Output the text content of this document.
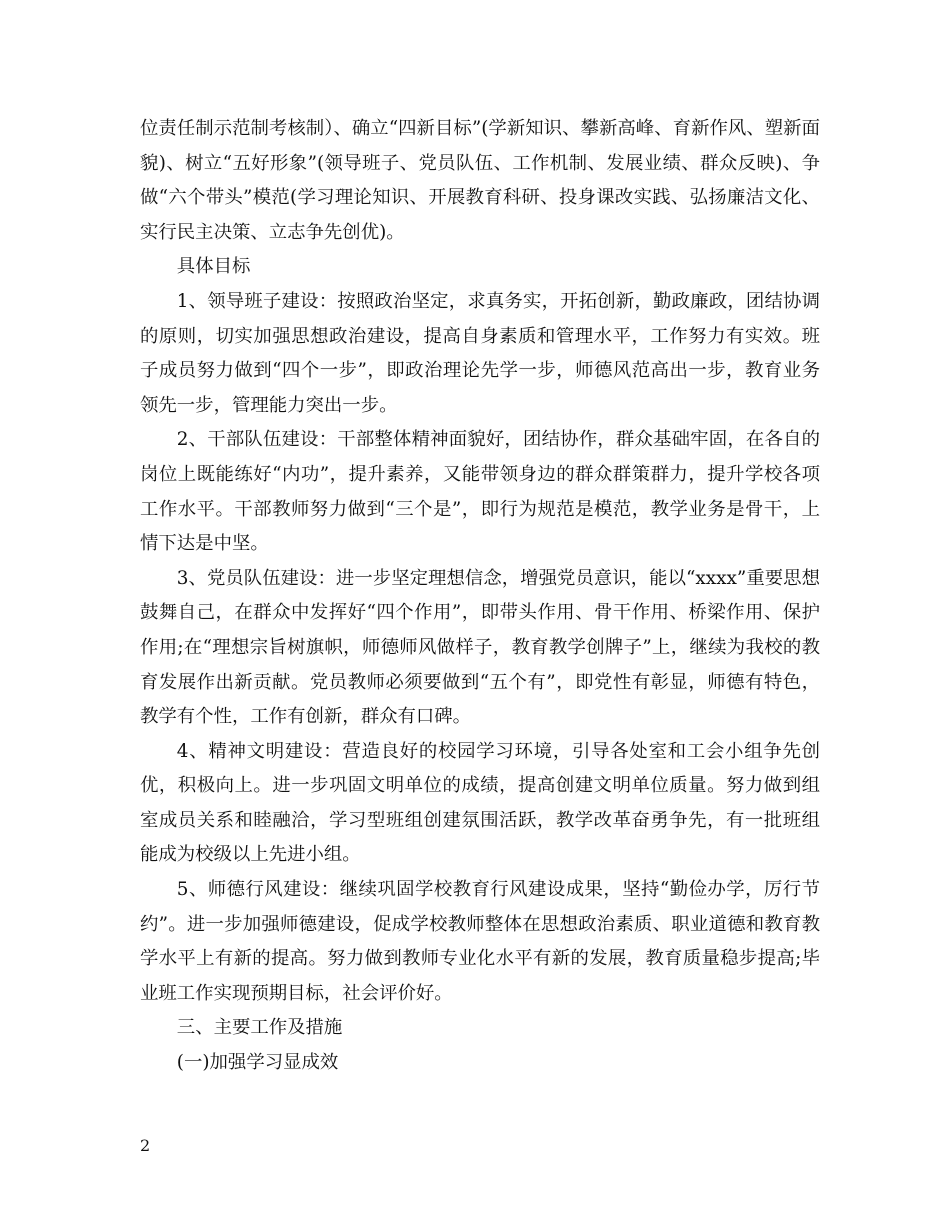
位责任制示范制考核制）、确立“四新目标”(学新知识、攀新高峰、育新作风、塑新面貌)、树立“五好形象”(领导班子、党员队伍、工作机制、发展业绩、群众反映)、争做“六个带头”模范(学习理论知识、开展教育科研、投身课改实践、弘扬廉洁文化、实行民主决策、立志争先创优)。

具体目标

1、领导班子建设：按照政治坚定，求真务实，开拓创新，勤政廉政，团结协调的原则，切实加强思想政治建设，提高自身素质和管理水平，工作努力有实效。班子成员努力做到“四个一步”，即政治理论先学一步，师德风范高出一步，教育业务领先一步，管理能力突出一步。

2、干部队伍建设：干部整体精神面貌好，团结协作，群众基础牢固，在各自的岗位上既能练好“内功”，提升素养，又能带领身边的群众群策群力，提升学校各项工作水平。干部教师努力做到“三个是”，即行为规范是模范，教学业务是骨干，上情下达是中坚。

3、党员队伍建设：进一步坚定理想信念，增强党员意识，能以“xxxx”重要思想鼓舞自己，在群众中发挥好“四个作用”，即带头作用、骨干作用、桥梁作用、保护作用;在“理想宗旨树旗帜，师德师风做样子，教育教学创牌子”上，继续为我校的教育发展作出新贡献。党员教师必须要做到“五个有”，即党性有彰显，师德有特色，教学有个性，工作有创新，群众有口碑。

4、精神文明建设：营造良好的校园学习环境，引导各处室和工会小组争先创优，积极向上。进一步巩固文明单位的成绩，提高创建文明单位质量。努力做到组室成员关系和睦融洽，学习型班组创建氛围活跃，教学改革奋勇争先，有一批班组能成为校级以上先进小组。

5、师德行风建设：继续巩固学校教育行风建设成果，坚持“勤俭办学，厉行节约”。进一步加强师德建设，促成学校教师整体在思想政治素质、职业道德和教育教学水平上有新的提高。努力做到教师专业化水平有新的发展，教育质量稳步提高;毕业班工作实现预期目标，社会评价好。

三、主要工作及措施

(一)加强学习显成效

2
